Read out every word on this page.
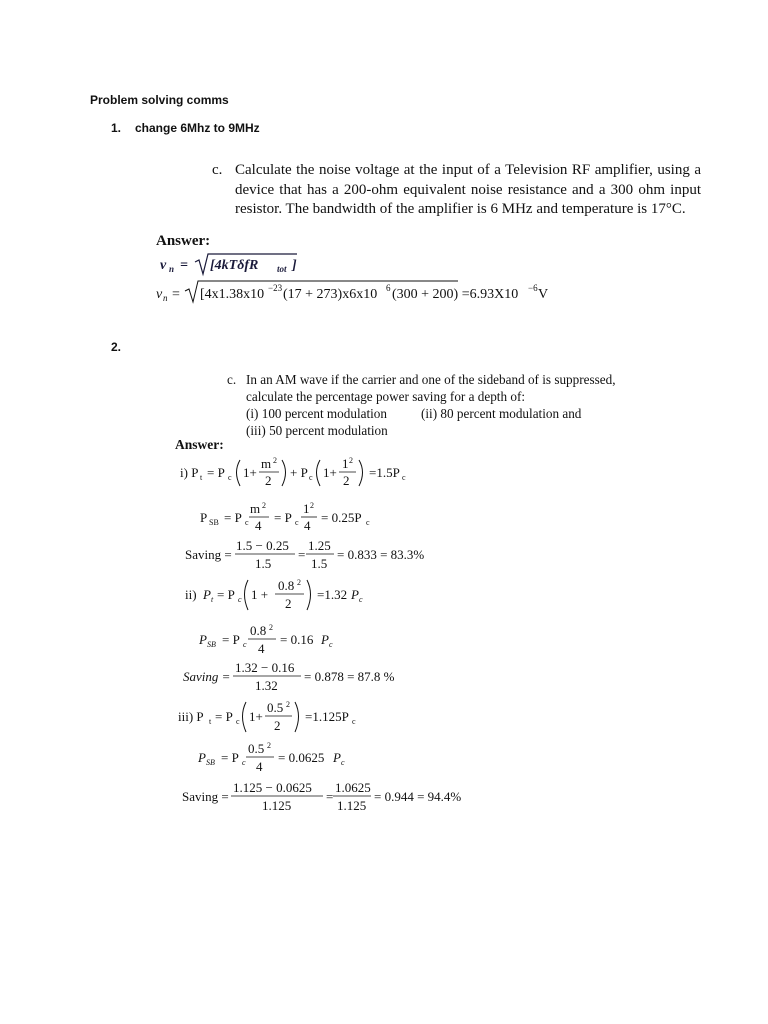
Problem solving comms
1. change 6Mhz to 9MHz
c. Calculate the noise voltage at the input of a Television RF amplifier, using a device that has a 200-ohm equivalent noise resistance and a 300 ohm input resistor. The bandwidth of the amplifier is 6 MHz and temperature is 17°C.
Answer:
v n = [4kTδfR tot ]
v n = [4x1.38x10 −23 (17 + 273)x6x10 6 (300 + 200) =6.93X10 −6 V
2.
c. In an AM wave if the carrier and one of the sideband of is suppressed,
calculate the percentage power saving for a depth of:
(i) 100 percent modulation	(ii) 80 percent modulation and
(iii) 50 percent modulation
Answer:
i) P t = P c 1+
m 2
2
+ P c 1+
1 2
2
=1.5P c
P SB = P c
m 2
4
= P c
1 2
4
= 0.25P c
Saving =
1.5 − 0.25
1.5
=
1.25
1.5
= 0.833 = 83.3%
ii) P t = P c 1 +
0.8 2
2
=1.32 P c
P SB = P c
0.8 2
4
= 0.16 P c
Saving =
1.32 − 0.16
1.32
= 0.878 = 87.8 %
iii) P t = P c 1+
0.5 2
2
=1.125P c
P SB = P c
0.5 2
4
= 0.0625 P c
Saving =
1.125 − 0.0625
1.125
=
1.0625
1.125
= 0.944 = 94.4%
